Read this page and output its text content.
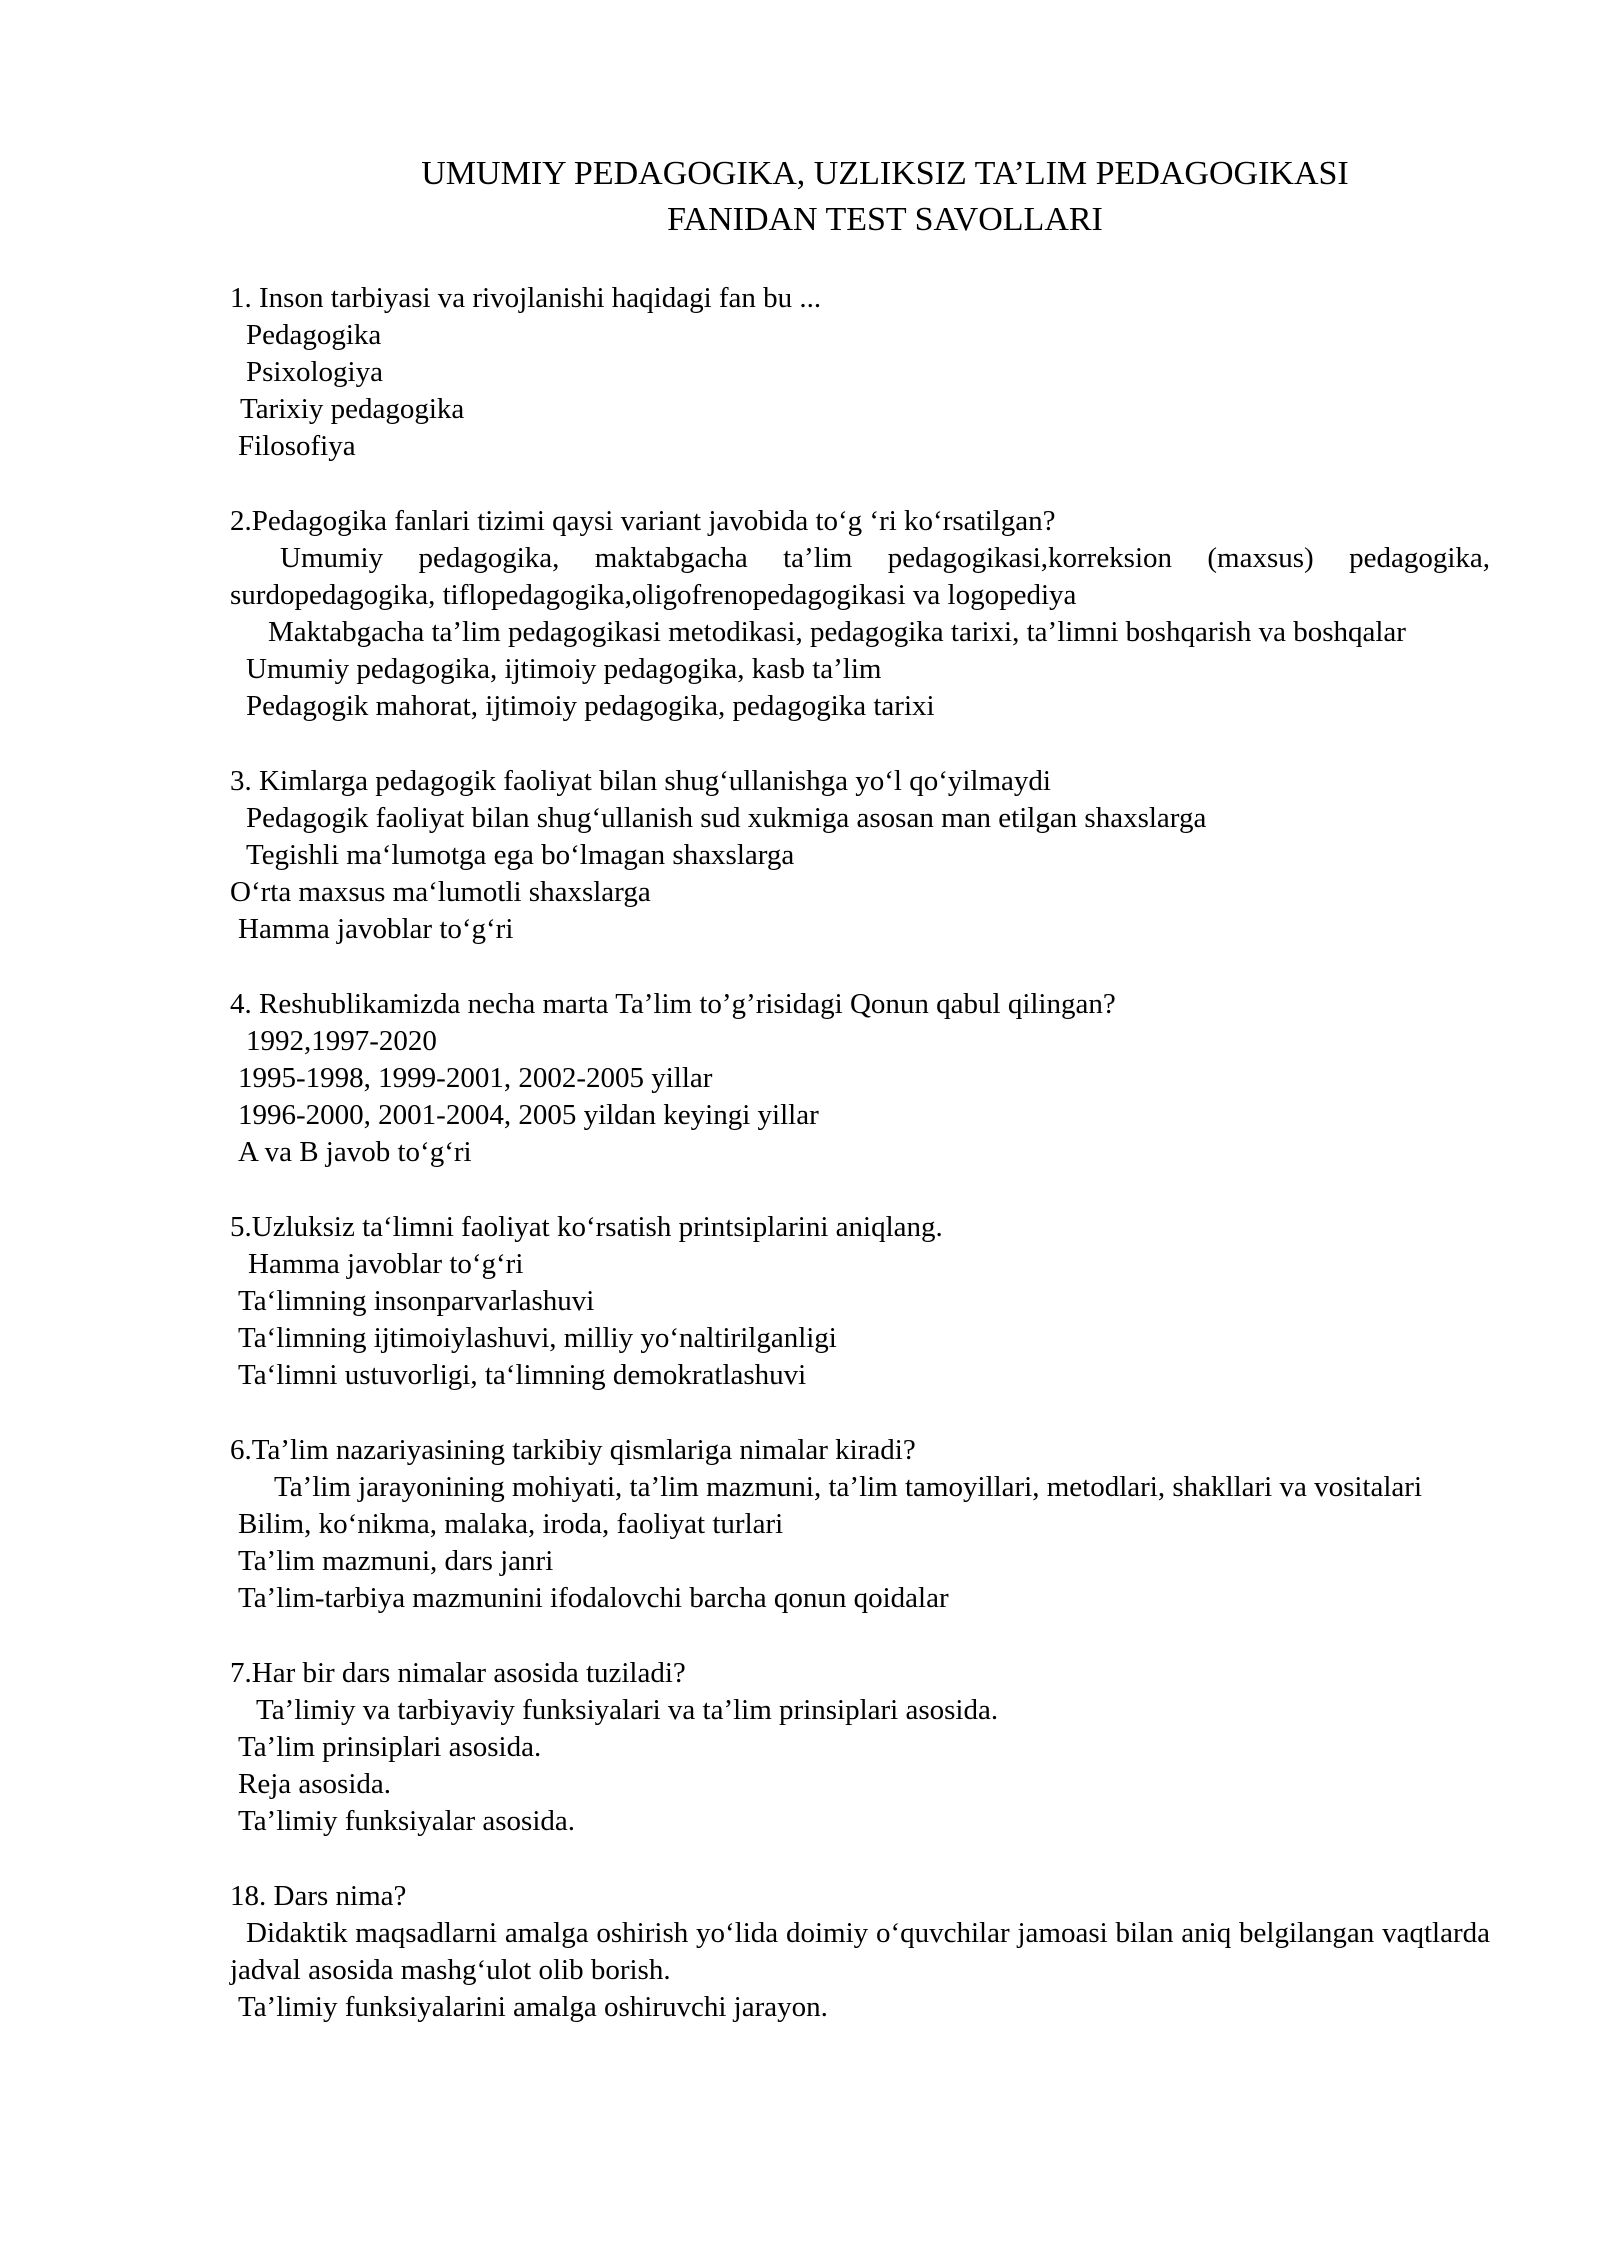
UMUMIY PEDAGOGIKA, UZLIKSIZ TA’LIM PEDAGOGIKASI
FANIDAN TEST SAVOLLARI
1. Inson tarbiyasi va rivojlanishi haqidagi fan bu ...
Pedagogika
Psixologiya
Tarixiy pedagogika
Filosofiya
2.Pedagogika fanlari tizimi qaysi variant javobida to‘g ‘ri ko‘rsatilgan?
Umumiy pedagogika, maktabgacha ta’lim pedagogikasi,korreksion (maxsus) pedagogika, surdopedagogika, tiflopedagogika,oligofrenopedagogikasi va logopediya
Maktabgacha ta’lim pedagogikasi metodikasi, pedagogika tarixi, ta’limni boshqarish va boshqalar
Umumiy pedagogika, ijtimoiy pedagogika, kasb ta’lim
Pedagogik mahorat, ijtimoiy pedagogika, pedagogika tarixi
3. Kimlarga pedagogik faoliyat bilan shug‘ullanishga yo‘l qo‘yilmaydi
Pedagogik faoliyat bilan shug‘ullanish sud xukmiga asosan man etilgan shaxslarga
Tegishli ma‘lumotga ega bo‘lmagan shaxslarga
O‘rta maxsus ma‘lumotli shaxslarga
Hamma javoblar to‘g‘ri
4. Reshublikamizda necha marta Ta’lim to’g’risidagi Qonun qabul qilingan?
1992,1997-2020
1995-1998, 1999-2001, 2002-2005 yillar
1996-2000, 2001-2004, 2005 yildan keyingi yillar
A va B javob to‘g‘ri
5.Uzluksiz ta‘limni faoliyat ko‘rsatish printsiplarini aniqlang.
Hamma javoblar to‘g‘ri
Ta‘limning insonparvarlashuvi
Ta‘limning ijtimoiylashuvi, milliy yo‘naltirilganligi
Ta‘limni ustuvorligi, ta‘limning demokratlashuvi
6.Ta’lim nazariyasining tarkibiy qismlariga nimalar kiradi?
Ta’lim jarayonining mohiyati, ta’lim mazmuni, ta’lim tamoyillari, metodlari, shakllari va vositalari
Bilim, ko‘nikma, malaka, iroda, faoliyat turlari
Ta’lim mazmuni, dars janri
Ta’lim-tarbiya mazmunini ifodalovchi barcha qonun qoidalar
7.Har bir dars nimalar asosida tuziladi?
Ta’limiy va tarbiyaviy funksiyalari va ta’lim prinsiplari asosida.
Ta’lim prinsiplari asosida.
Reja asosida.
Ta’limiy funksiyalar asosida.
18. Dars nima?
Didaktik maqsadlarni amalga oshirish yo‘lida doimiy o‘quvchilar jamoasi bilan aniq belgilangan vaqtlarda jadval asosida mashg‘ulot olib borish.
Ta’limiy funksiyalarini amalga oshiruvchi jarayon.
